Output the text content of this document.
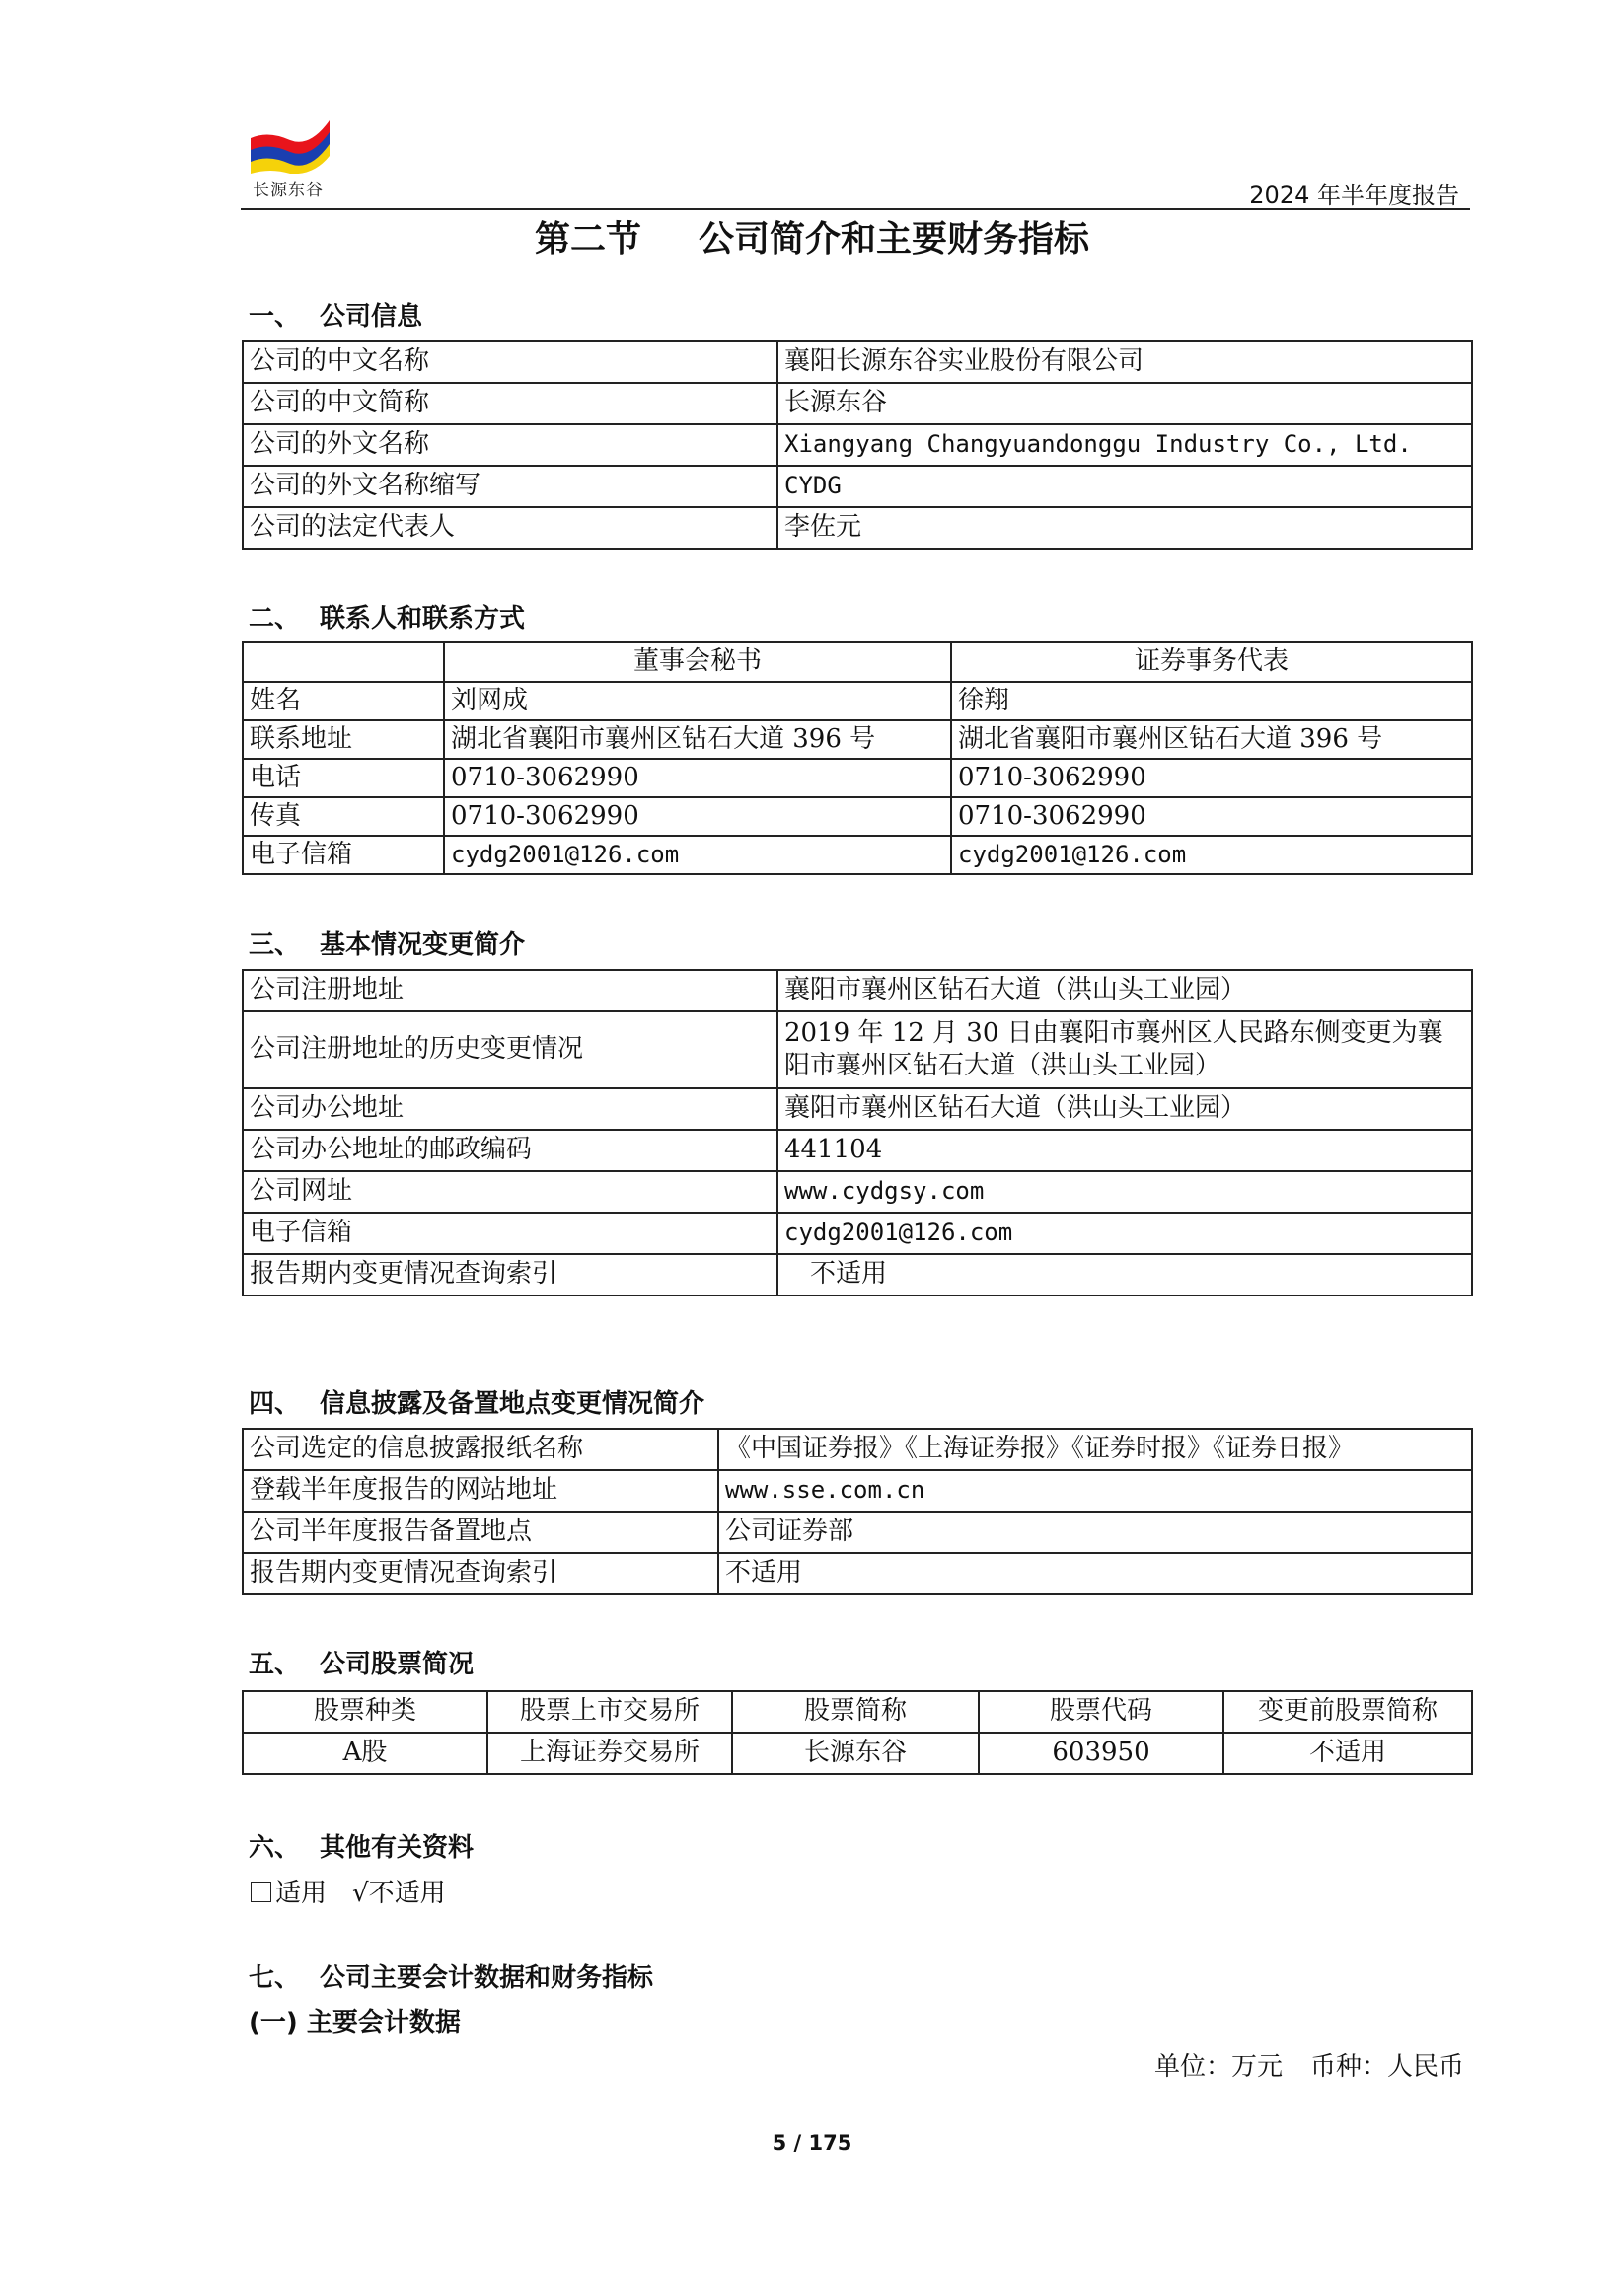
长源东谷	2024 年半年度报告
第二节 公司简介和主要财务指标
一、 公司信息
公司的中文名称	襄阳长源东谷实业股份有限公司
公司的中文简称	长源东谷
公司的外文名称	Xiangyang Changyuandonggu Industry Co., Ltd.
公司的外文名称缩写	CYDG
公司的法定代表人	李佐元
二、 联系人和联系方式
	董事会秘书	证券事务代表
姓名	刘网成	徐翔
联系地址	湖北省襄阳市襄州区钻石大道 396 号	湖北省襄阳市襄州区钻石大道 396 号
电话	0710-3062990	0710-3062990
传真	0710-3062990	0710-3062990
电子信箱	cydg2001@126.com	cydg2001@126.com
三、 基本情况变更简介
公司注册地址	襄阳市襄州区钻石大道（洪山头工业园）
公司注册地址的历史变更情况	2019 年 12 月 30 日由襄阳市襄州区人民路东侧变更为襄阳市襄州区钻石大道（洪山头工业园）
公司办公地址	襄阳市襄州区钻石大道（洪山头工业园）
公司办公地址的邮政编码	441104
公司网址	www.cydgsy.com
电子信箱	cydg2001@126.com
报告期内变更情况查询索引	不适用
四、 信息披露及备置地点变更情况简介
公司选定的信息披露报纸名称	《中国证券报》《上海证券报》《证券时报》《证券日报》
登载半年度报告的网站地址	www.sse.com.cn
公司半年度报告备置地点	公司证券部
报告期内变更情况查询索引	不适用
五、 公司股票简况
股票种类	股票上市交易所	股票简称	股票代码	变更前股票简称
A股	上海证券交易所	长源东谷	603950	不适用
六、 其他有关资料
适用 √不适用
七、 公司主要会计数据和财务指标
(一) 主要会计数据
单位：万元 币种：人民币
5 / 175
